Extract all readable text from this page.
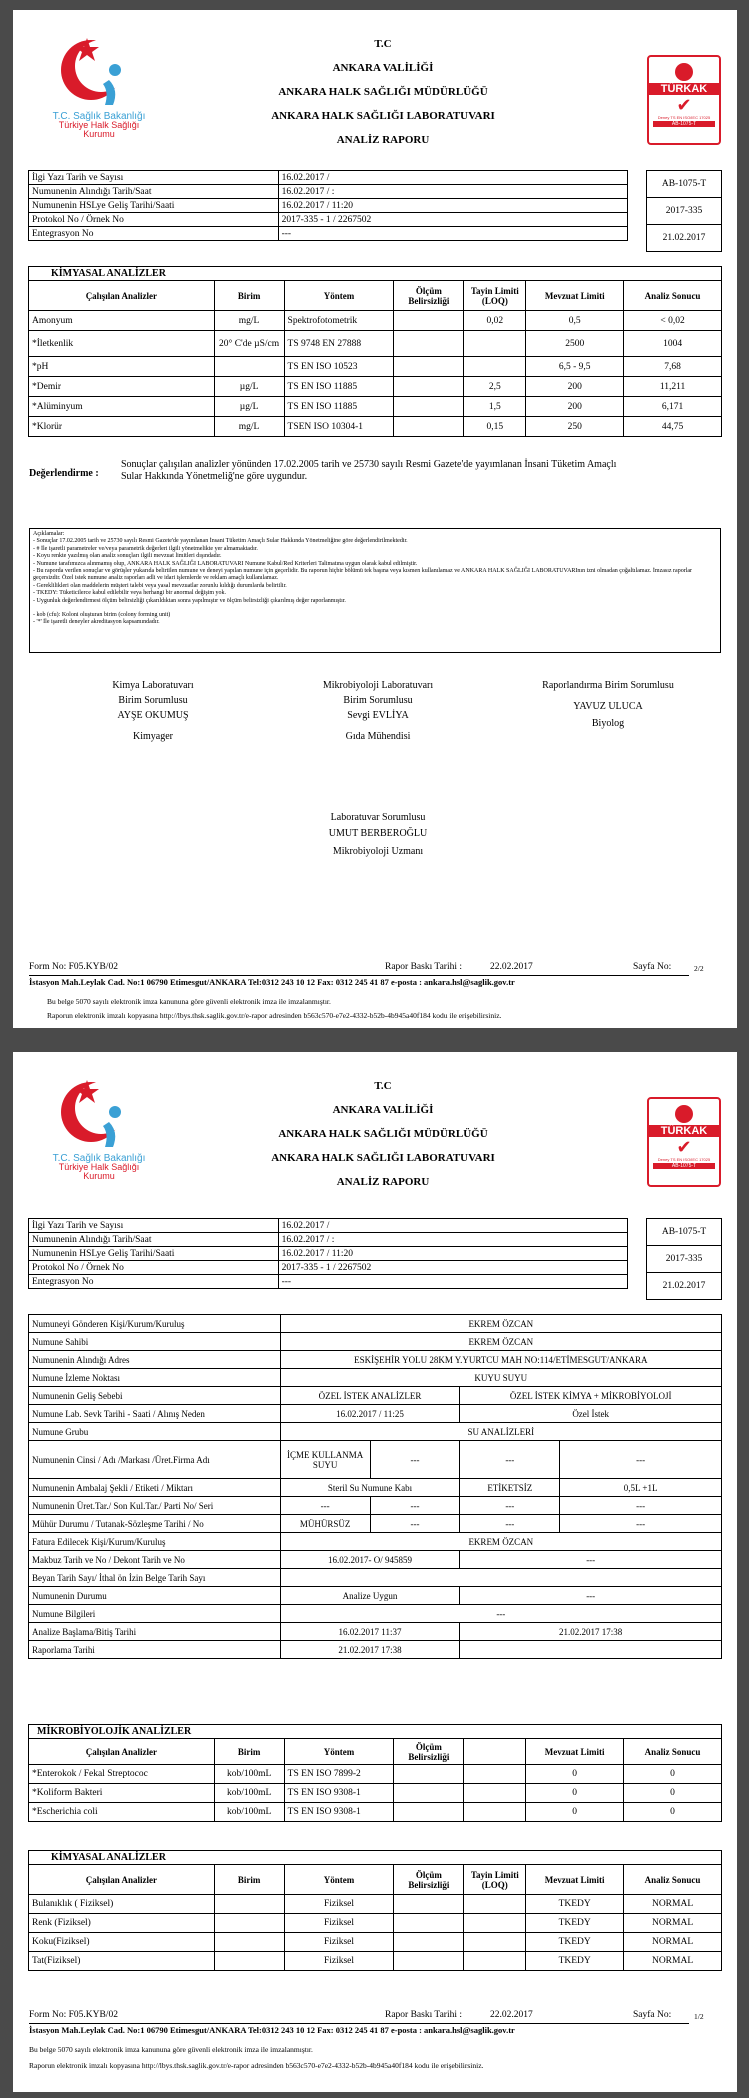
T.C. Sağlık Bakanlığı
Türkiye Halk Sağlığı
Kurumu
TÜRKAK
✔
Deney TS EN ISO/IEC 17025
AB-1075-T
T.C
ANKARA VALİLİĞİ
ANKARA HALK SAĞLIĞI MÜDÜRLÜĞÜ
ANKARA HALK SAĞLIĞI LABORATUVARI
ANALİZ RAPORU
İlgi Yazı Tarih ve Sayısı	16.02.2017 /
Numunenin Alındığı Tarih/Saat	16.02.2017 / :
Numunenin HSLye Geliş Tarihi/Saati	16.02.2017 / 11:20
Protokol No / Örnek No	2017-335 - 1 / 2267502
Entegrasyon No	---
AB-1075-T
2017-335
21.02.2017
KİMYASAL ANALİZLER						
Çalışılan Analizler	Birim	Yöntem	Ölçüm Belirsizliği	Tayin Limiti (LOQ)	Mevzuat Limiti	Analiz Sonucu
Amonyum	mg/L	Spektrofotometrik		0,02	0,5	< 0,02
*İletkenlik	20° C'de µS/cm	TS 9748 EN 27888			2500	1004
*pH		TS EN ISO 10523			6,5 - 9,5	7,68
*Demir	µg/L	TS EN ISO 11885		2,5	200	11,211
*Alüminyum	µg/L	TS EN ISO 11885		1,5	200	6,171
*Klorür	mg/L	TSEN ISO 10304-1		0,15	250	44,75
Değerlendirme :
Sonuçlar çalışılan analizler yönünden 17.02.2005 tarih ve 25730 sayılı Resmi Gazete'de yayımlanan İnsani Tüketim Amaçlı Sular Hakkında Yönetmeliğ'ne göre uygundur.
Açıklamalar:
- Sonuçlar 17.02.2005 tarih ve 25730 sayılı Resmi Gazete'de yayımlanan İnsani Tüketim Amaçlı Sular Hakkında Yönetmeliğine göre değerlendirilmektedir.
- # İle işaretli parametreler ve/veya parametrik değerleri ilgili yönetmelikte yer almamaktadır.
- Koyu renkte yazılmış olan analiz sonuçları ilgili mevzuat limitleri dışındadır.
- Numune tarafımızca alınmamış olup, ANKARA HALK SAĞLIĞI LABORATUVARI Numune Kabul/Red Kriterleri Talimatına uygun olarak kabul edilmiştir.
- Bu raporda verilen sonuçlar ve görüşler yukarıda belirtilen numune ve deneyi yapılan numune için geçerlidir. Bu raporun hiçbir bölümü tek başına veya kısmen kullanılamaz ve ANKARA HALK SAĞLIĞI LABORATUVARInın izni olmadan çoğaltılamaz. İmzasız raporlar geçersizdir. Özel istek numune analiz raporları adli ve idari işlemlerde ve reklam amaçlı kullanılamaz.
- Gereklilikleri olan maddelerin müşteri talebi veya yasal mevzuatlar zorunlu kıldığı durumlarda belirtilir.
- TKEDY: Tüketicilerce kabul edilebilir veya herhangi bir anormal değişim yok.
- Uygunluk değerlendirmesi ölçüm belirsizliği çıkarıldıktan sonra yapılmıştır ve ölçüm belirsizliği çıkarılmış değer raporlanmıştır.
- kob (cfu): Koloni oluşturan birim (colony forming unit)
- '*' İle işaretli deneyler akreditasyon kapsamındadır.
Kimya Laboratuvarı
Birim Sorumlusu
AYŞE OKUMUŞ
Kimyager
Mikrobiyoloji Laboratuvarı
Birim Sorumlusu
Sevgi EVLİYA
Gıda Mühendisi
Raporlandırma Birim Sorumlusu
YAVUZ ULUCA
Biyolog
Laboratuvar Sorumlusu
UMUT BERBEROĞLU
Mikrobiyoloji Uzmanı
Form No: F05.KYB/02	Rapor Baskı Tarihi :	22.02.2017	Sayfa No:	2/2
İstasyon Mah.Leylak Cad. No:1 06790 Etimesgut/ANKARA Tel:0312 243 10 12 Fax: 0312 245 41 87 e-posta : ankara.hsl@saglik.gov.tr
Bu belge 5070 sayılı elektronik imza kanununa göre güvenli elektronik imza ile imzalanmıştır.
Raporun elektronik imzalı kopyasına http://lbys.thsk.saglik.gov.tr/e-rapor adresinden b563c570-e7e2-4332-b52b-4b945a40f184 kodu ile erişebilirsiniz.
T.C. Sağlık Bakanlığı
Türkiye Halk Sağlığı
Kurumu
TÜRKAK
✔
Deney TS EN ISO/IEC 17025
AB-1075-T
T.C
ANKARA VALİLİĞİ
ANKARA HALK SAĞLIĞI MÜDÜRLÜĞÜ
ANKARA HALK SAĞLIĞI LABORATUVARI
ANALİZ RAPORU
İlgi Yazı Tarih ve Sayısı	16.02.2017 /
Numunenin Alındığı Tarih/Saat	16.02.2017 / :
Numunenin HSLye Geliş Tarihi/Saati	16.02.2017 / 11:20
Protokol No / Örnek No	2017-335 - 1 / 2267502
Entegrasyon No	---
AB-1075-T
2017-335
21.02.2017
Numuneyi Gönderen Kişi/Kurum/Kuruluş	EKREM ÖZCAN			
Numune Sahibi	EKREM ÖZCAN			
Numunenin Alındığı Adres	ESKİŞEHİR YOLU 28KM Y.YURTCU MAH NO:114/ETİMESGUT/ANKARA			
Numune İzleme Noktası	KUYU SUYU			
Numunenin Geliş Sebebi	ÖZEL İSTEK ANALİZLER		ÖZEL İSTEK KİMYA + MİKROBİYOLOJİ	
Numune Lab. Sevk Tarihi - Saati / Alınış Neden	16.02.2017 / 11:25		Özel İstek	
Numune Grubu	SU ANALİZLERİ			
Numunenin Cinsi / Adı /Markası /Üret.Firma Adı	İÇME KULLANMA SUYU	---	---	---
Numunenin Ambalaj Şekli / Etiketi / Miktarı	Steril Su Numune Kabı		ETİKETSİZ	0,5L +1L
Numunenin Üret.Tar./ Son Kul.Tar./ Parti No/ Seri	---	---	---	---
Mühür Durumu / Tutanak-Sözleşme Tarihi / No	MÜHÜRSÜZ	---	---	---
Fatura Edilecek Kişi/Kurum/Kuruluş	EKREM ÖZCAN			
Makbuz Tarih ve No / Dekont Tarih ve No	16.02.2017- O/ 945859		---	
Beyan Tarih Sayı/ İthal ön İzin Belge Tarih Sayı				
Numunenin Durumu	Analize Uygun		---	
Numune Bilgileri	---			
Analize Başlama/Bitiş Tarihi	16.02.2017 11:37		21.02.2017 17:38	
Raporlama Tarihi	21.02.2017 17:38			
MİKROBİYOLOJİK ANALİZLER						
Çalışılan Analizler	Birim	Yöntem	Ölçüm Belirsizliği		Mevzuat Limiti	Analiz Sonucu
*Enterokok / Fekal Streptococ	kob/100mL	TS EN ISO 7899-2			0	0
*Koliform Bakteri	kob/100mL	TS EN ISO 9308-1			0	0
*Escherichia coli	kob/100mL	TS EN ISO 9308-1			0	0
KİMYASAL ANALİZLER						
Çalışılan Analizler	Birim	Yöntem	Ölçüm Belirsizliği	Tayin Limiti (LOQ)	Mevzuat Limiti	Analiz Sonucu
Bulanıklık ( Fiziksel)		Fiziksel			TKEDY	NORMAL
Renk (Fiziksel)		Fiziksel			TKEDY	NORMAL
Koku(Fiziksel)		Fiziksel			TKEDY	NORMAL
Tat(Fiziksel)		Fiziksel			TKEDY	NORMAL
Form No: F05.KYB/02	Rapor Baskı Tarihi :	22.02.2017	Sayfa No:	1/2
İstasyon Mah.Leylak Cad. No:1 06790 Etimesgut/ANKARA Tel:0312 243 10 12 Fax: 0312 245 41 87 e-posta : ankara.hsl@saglik.gov.tr
Bu belge 5070 sayılı elektronik imza kanununa göre güvenli elektronik imza ile imzalanmıştır.
Raporun elektronik imzalı kopyasına http://lbys.thsk.saglik.gov.tr/e-rapor adresinden b563c570-e7e2-4332-b52b-4b945a40f184 kodu ile erişebilirsiniz.
